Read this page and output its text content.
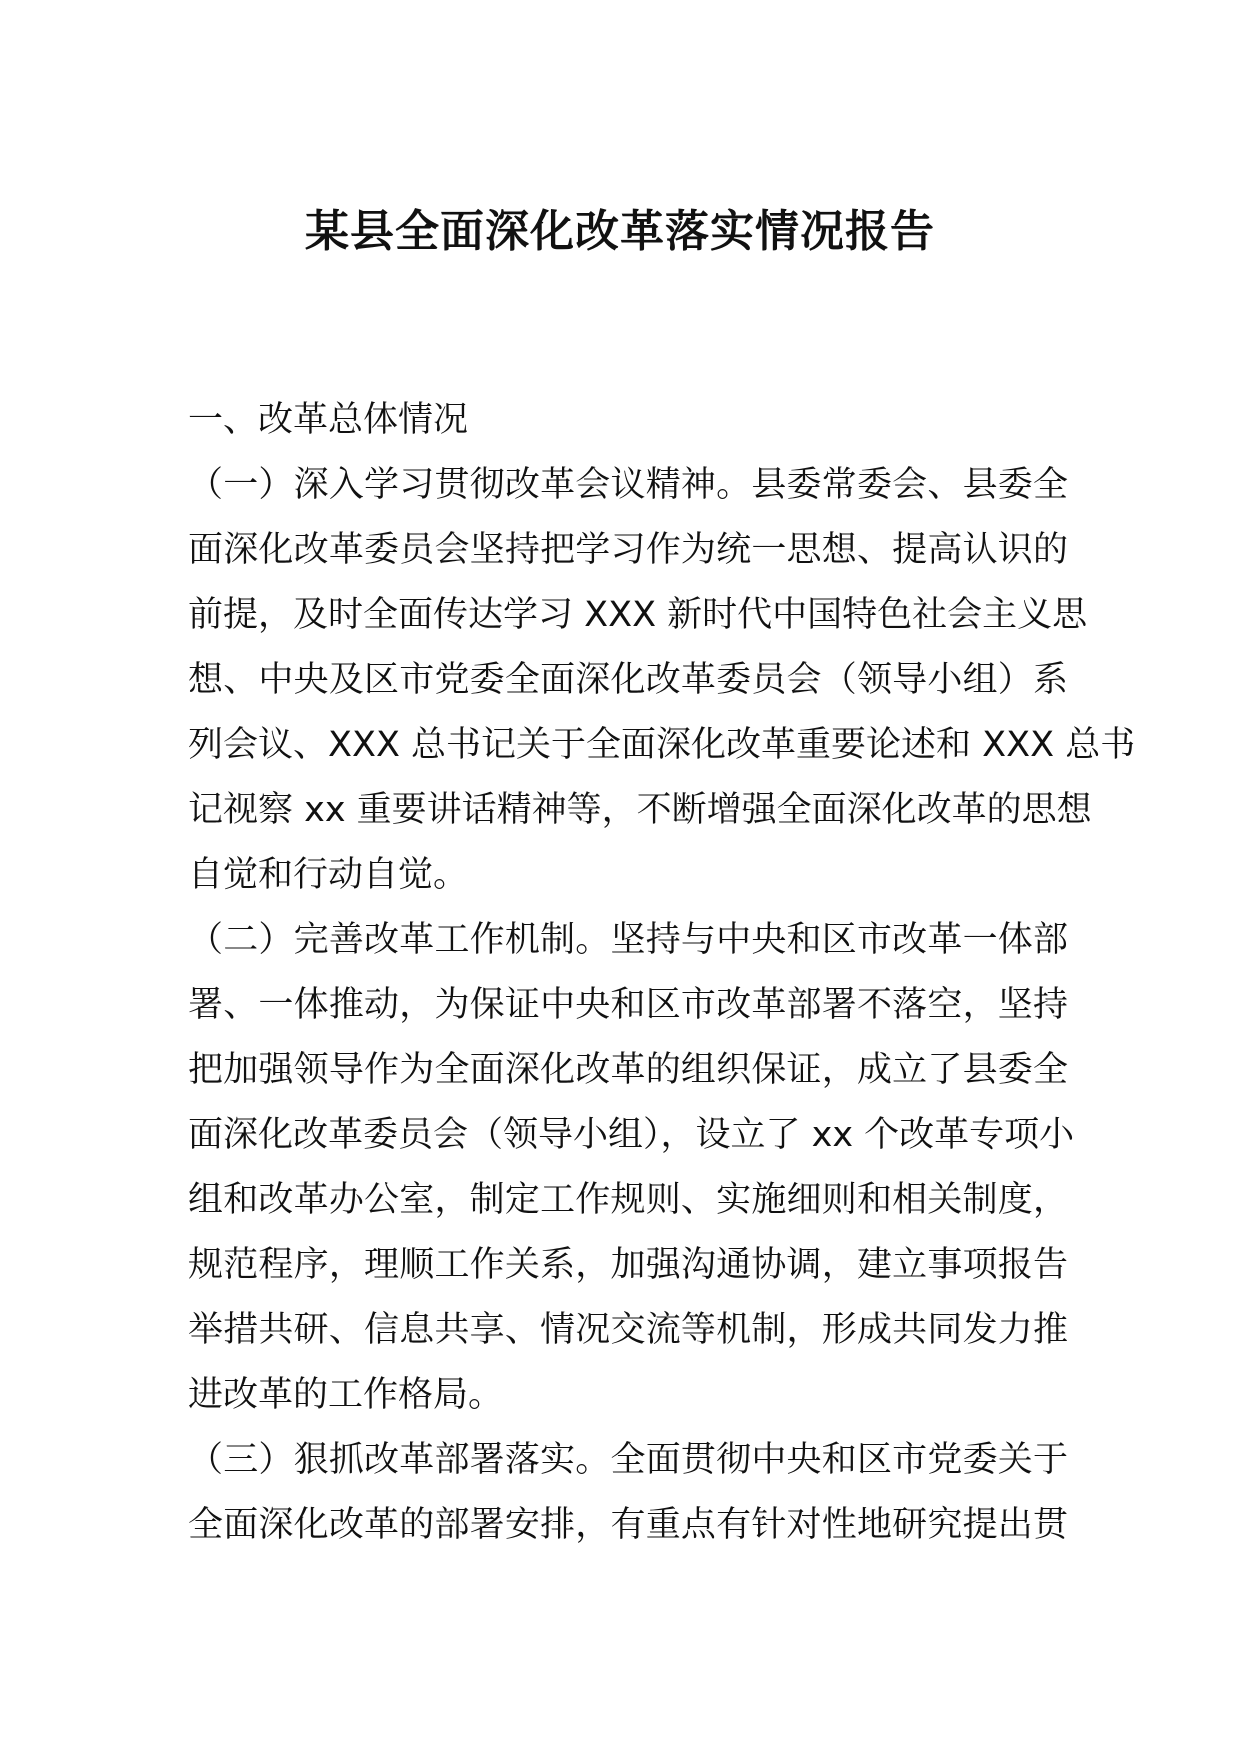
某县全面深化改革落实情况报告
一、改革总体情况
（一）深入学习贯彻改革会议精神。县委常委会、县委全
面深化改革委员会坚持把学习作为统一思想、提高认识的
前提，及时全面传达学习 XXX 新时代中国特色社会主义思
想、中央及区市党委全面深化改革委员会（领导小组）系
列会议、XXX 总书记关于全面深化改革重要论述和 XXX 总书
记视察 xx 重要讲话精神等，不断增强全面深化改革的思想
自觉和行动自觉。
（二）完善改革工作机制。坚持与中央和区市改革一体部
署、一体推动，为保证中央和区市改革部署不落空，坚持
把加强领导作为全面深化改革的组织保证，成立了县委全
面深化改革委员会（领导小组），设立了 xx 个改革专项小
组和改革办公室，制定工作规则、实施细则和相关制度，
规范程序，理顺工作关系，加强沟通协调，建立事项报告
举措共研、信息共享、情况交流等机制，形成共同发力推
进改革的工作格局。
（三）狠抓改革部署落实。全面贯彻中央和区市党委关于
全面深化改革的部署安排，有重点有针对性地研究提出贯
